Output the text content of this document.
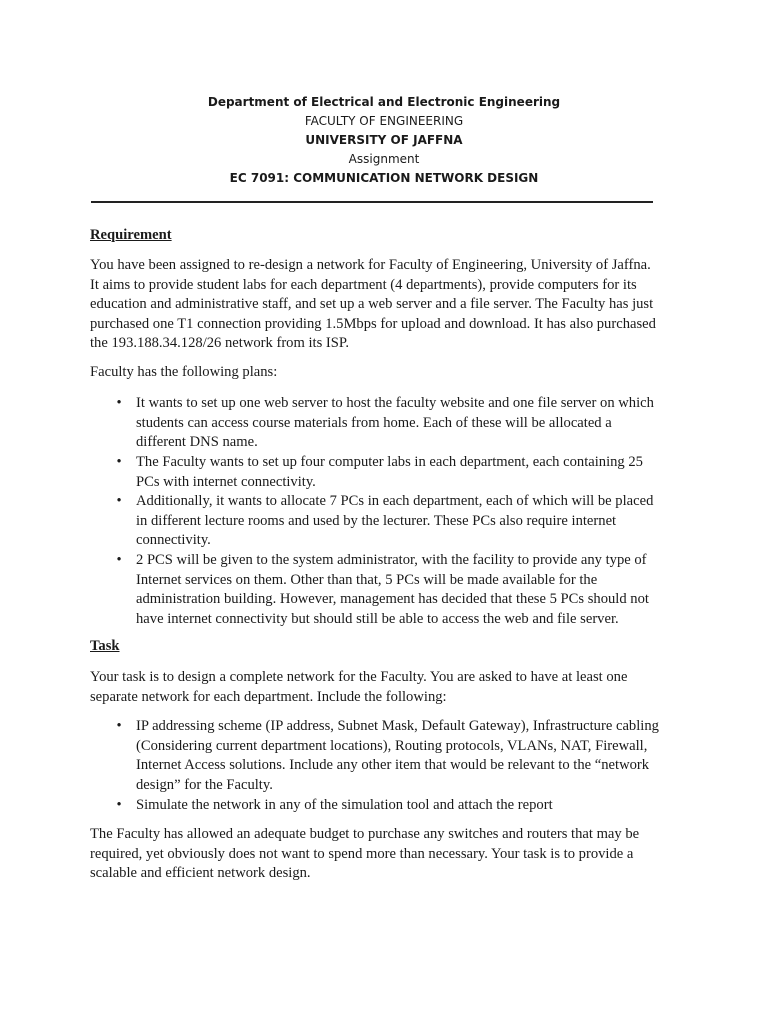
Department of Electrical and Electronic Engineering
FACULTY OF ENGINEERING
UNIVERSITY OF JAFFNA
Assignment
EC 7091: COMMUNICATION NETWORK DESIGN
Requirement
You have been assigned to re-design a network for Faculty of Engineering, University of Jaffna.
It aims to provide student labs for each department (4 departments), provide computers for its
education and administrative staff, and set up a web server and a file server. The Faculty has just
purchased one T1 connection providing 1.5Mbps for upload and download. It has also purchased
the 193.188.34.128/26 network from its ISP.
Faculty has the following plans:
• It wants to set up one web server to host the faculty website and one file server on which
students can access course materials from home. Each of these will be allocated a
different DNS name.
• The Faculty wants to set up four computer labs in each department, each containing 25
PCs with internet connectivity.
• Additionally, it wants to allocate 7 PCs in each department, each of which will be placed
in different lecture rooms and used by the lecturer. These PCs also require internet
connectivity.
• 2 PCS will be given to the system administrator, with the facility to provide any type of
Internet services on them. Other than that, 5 PCs will be made available for the
administration building. However, management has decided that these 5 PCs should not
have internet connectivity but should still be able to access the web and file server.
Task
Your task is to design a complete network for the Faculty. You are asked to have at least one
separate network for each department. Include the following:
• IP addressing scheme (IP address, Subnet Mask, Default Gateway), Infrastructure cabling
(Considering current department locations), Routing protocols, VLANs, NAT, Firewall,
Internet Access solutions. Include any other item that would be relevant to the “network
design” for the Faculty.
• Simulate the network in any of the simulation tool and attach the report
The Faculty has allowed an adequate budget to purchase any switches and routers that may be
required, yet obviously does not want to spend more than necessary. Your task is to provide a
scalable and efficient network design.
